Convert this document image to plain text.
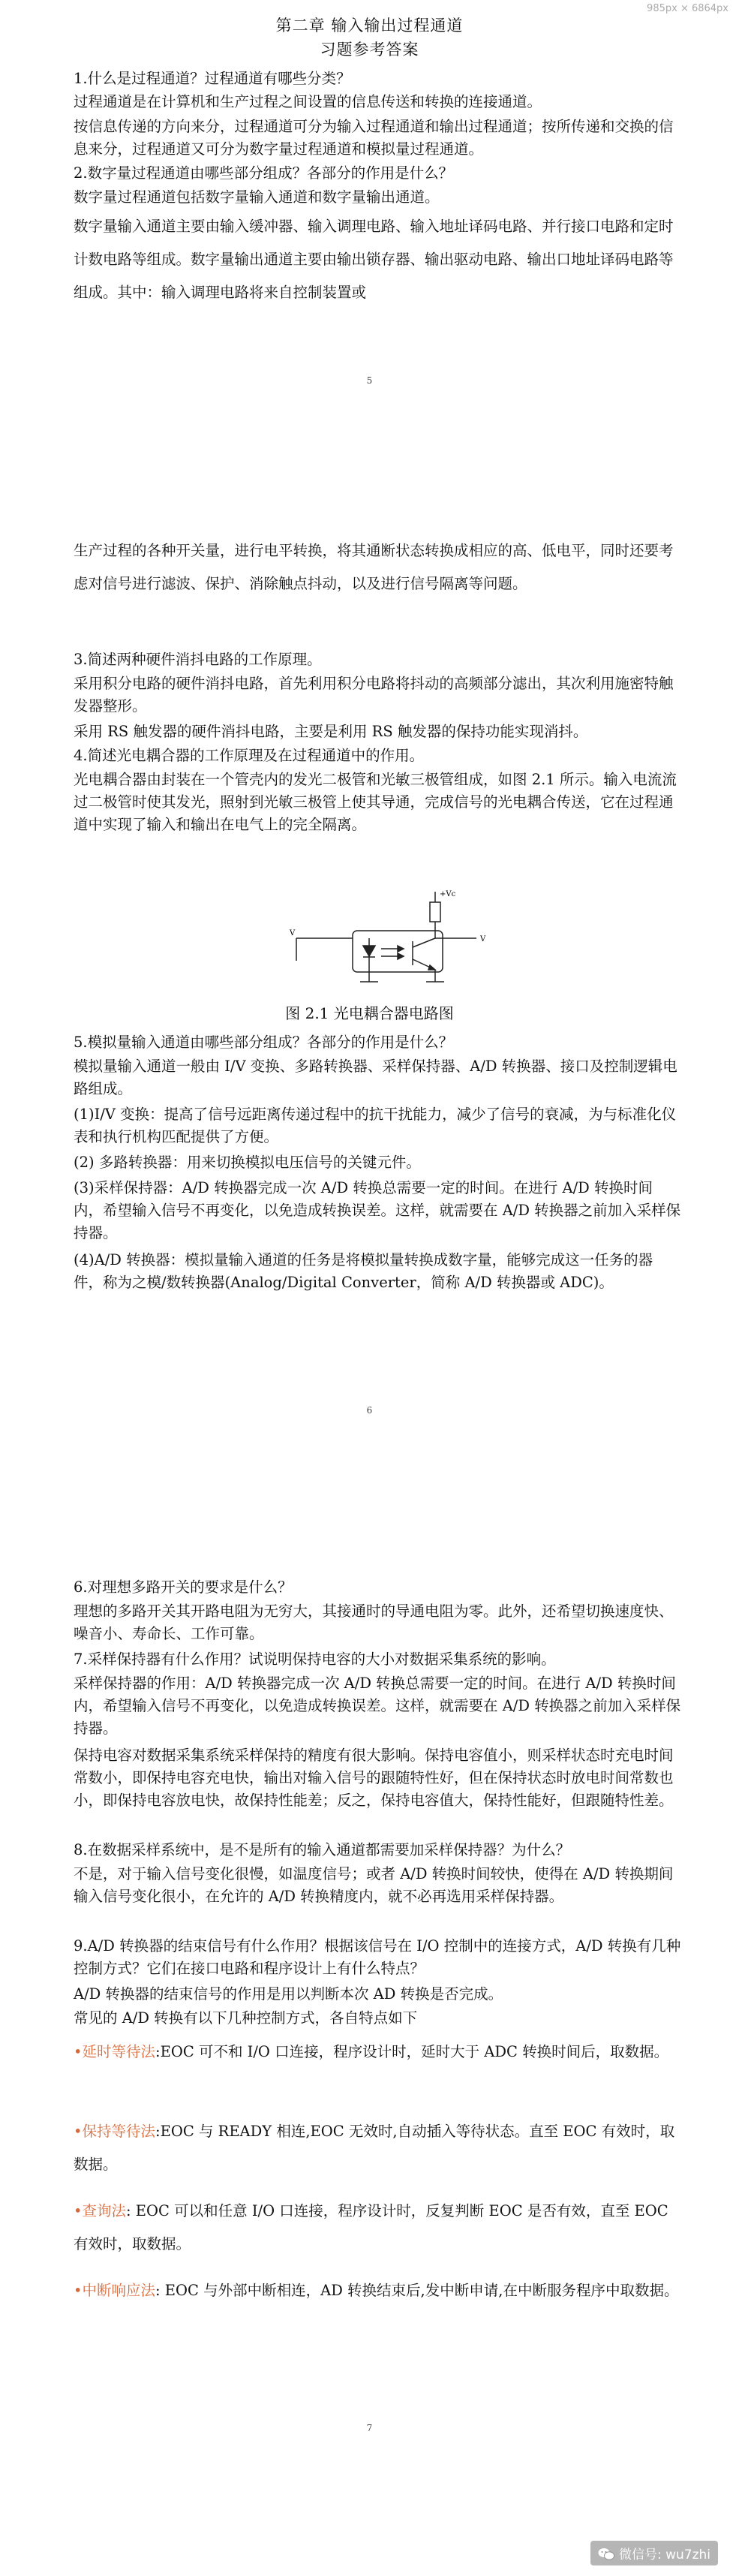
985px × 6864px
第二章 输入输出过程通道
习题参考答案

1.什么是过程通道？过程通道有哪些分类？

过程通道是在计算机和生产过程之间设置的信息传送和转换的连接通道。

按信息传递的方向来分，过程通道可分为输入过程通道和输出过程通道；按所传递和交换的信息来分，过程通道又可分为数字量过程通道和模拟量过程通道。

2.数字量过程通道由哪些部分组成？各部分的作用是什么？

数字量过程通道包括数字量输入通道和数字量输出通道。

数字量输入通道主要由输入缓冲器、输入调理电路、输入地址译码电路、并行接口电路和定时计数电路等组成。数字量输出通道主要由输出锁存器、输出驱动电路、输出口地址译码电路等组成。其中：输入调理电路将来自控制装置或

5

生产过程的各种开关量，进行电平转换，将其通断状态转换成相应的高、低电平，同时还要考虑对信号进行滤波、保护、消除触点抖动，以及进行信号隔离等问题。

3.简述两种硬件消抖电路的工作原理。

采用积分电路的硬件消抖电路，首先利用积分电路将抖动的高频部分滤出，其次利用施密特触发器整形。

采用 RS 触发器的硬件消抖电路，主要是利用 RS 触发器的保持功能实现消抖。

4.简述光电耦合器的工作原理及在过程通道中的作用。

光电耦合器由封装在一个管壳内的发光二极管和光敏三极管组成，如图 2.1 所示。输入电流流过二极管时使其发光，照射到光敏三极管上使其导通，完成信号的光电耦合传送，它在过程通道中实现了输入和输出在电气上的完全隔离。

+Vc
V
V
图 2.1 光电耦合器电路图

5.模拟量输入通道由哪些部分组成？各部分的作用是什么？

模拟量输入通道一般由 I/V 变换、多路转换器、采样保持器、A/D 转换器、接口及控制逻辑电路组成。

(1)I/V 变换：提高了信号远距离传递过程中的抗干扰能力，减少了信号的衰减，为与标准化仪表和执行机构匹配提供了方便。

(2) 多路转换器：用来切换模拟电压信号的关键元件。

(3)采样保持器：A/D 转换器完成一次 A/D 转换总需要一定的时间。在进行 A/D 转换时间内，希望输入信号不再变化，以免造成转换误差。这样，就需要在 A/D 转换器之前加入采样保持器。

(4)A/D 转换器：模拟量输入通道的任务是将模拟量转换成数字量，能够完成这一任务的器件，称为之模/数转换器(Analog/Digital Converter，简称 A/D 转换器或 ADC)。

6

6.对理想多路开关的要求是什么？

理想的多路开关其开路电阻为无穷大，其接通时的导通电阻为零。此外，还希望切换速度快、噪音小、寿命长、工作可靠。

7.采样保持器有什么作用？试说明保持电容的大小对数据采集系统的影响。

采样保持器的作用：A/D 转换器完成一次 A/D 转换总需要一定的时间。在进行 A/D 转换时间内，希望输入信号不再变化，以免造成转换误差。这样，就需要在 A/D 转换器之前加入采样保持器。

保持电容对数据采集系统采样保持的精度有很大影响。保持电容值小，则采样状态时充电时间常数小，即保持电容充电快，输出对输入信号的跟随特性好，但在保持状态时放电时间常数也小，即保持电容放电快，故保持性能差；反之，保持电容值大，保持性能好，但跟随特性差。

8.在数据采样系统中，是不是所有的输入通道都需要加采样保持器？为什么？

不是，对于输入信号变化很慢，如温度信号；或者 A/D 转换时间较快，使得在 A/D 转换期间输入信号变化很小，在允许的 A/D 转换精度内，就不必再选用采样保持器。

9.A/D 转换器的结束信号有什么作用？根据该信号在 I/O 控制中的连接方式，A/D 转换有几种控制方式？它们在接口电路和程序设计上有什么特点？

A/D 转换器的结束信号的作用是用以判断本次 AD 转换是否完成。

常见的 A/D 转换有以下几种控制方式，各自特点如下

•延时等待法:EOC 可不和 I/O 口连接，程序设计时，延时大于 ADC 转换时间后，取数据。

•保持等待法:EOC 与 READY 相连,EOC 无效时,自动插入等待状态。直至 EOC 有效时，取数据。

•查询法: EOC 可以和任意 I/O 口连接，程序设计时，反复判断 EOC 是否有效，直至 EOC 有效时，取数据。

•中断响应法: EOC 与外部中断相连，AD 转换结束后,发中断申请,在中断服务程序中取数据。

7
微信号: wu7zhi
